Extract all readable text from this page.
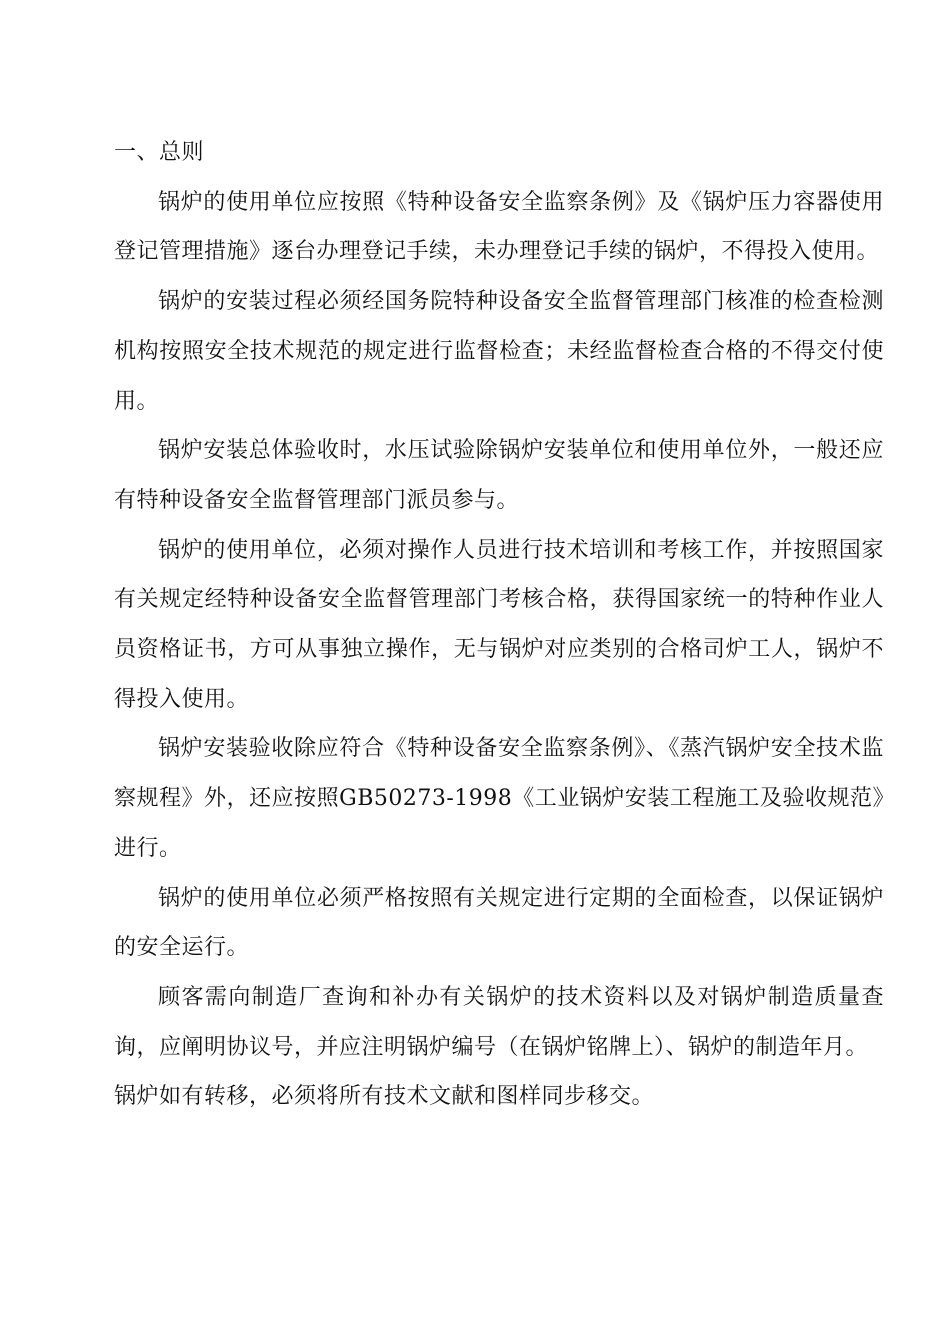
一、总则

锅炉的使用单位应按照《特种设备安全监察条例》及《锅炉压力容器使用登记管理措施》逐台办理登记手续，未办理登记手续的锅炉，不得投入使用。

锅炉的安装过程必须经国务院特种设备安全监督管理部门核准的检查检测机构按照安全技术规范的规定进行监督检查；未经监督检查合格的不得交付使用。

锅炉安装总体验收时，水压试验除锅炉安装单位和使用单位外，一般还应有特种设备安全监督管理部门派员参与。

锅炉的使用单位，必须对操作人员进行技术培训和考核工作，并按照国家有关规定经特种设备安全监督管理部门考核合格，获得国家统一的特种作业人员资格证书，方可从事独立操作，无与锅炉对应类别的合格司炉工人，锅炉不得投入使用。

锅炉安装验收除应符合《特种设备安全监察条例》、《蒸汽锅炉安全技术监察规程》外，还应按照GB50273-1998《工业锅炉安装工程施工及验收规范》进行。

锅炉的使用单位必须严格按照有关规定进行定期的全面检查，以保证锅炉的安全运行。

顾客需向制造厂查询和补办有关锅炉的技术资料以及对锅炉制造质量查询，应阐明协议号，并应注明锅炉编号（在锅炉铭牌上）、锅炉的制造年月。

锅炉如有转移，必须将所有技术文献和图样同步移交。
